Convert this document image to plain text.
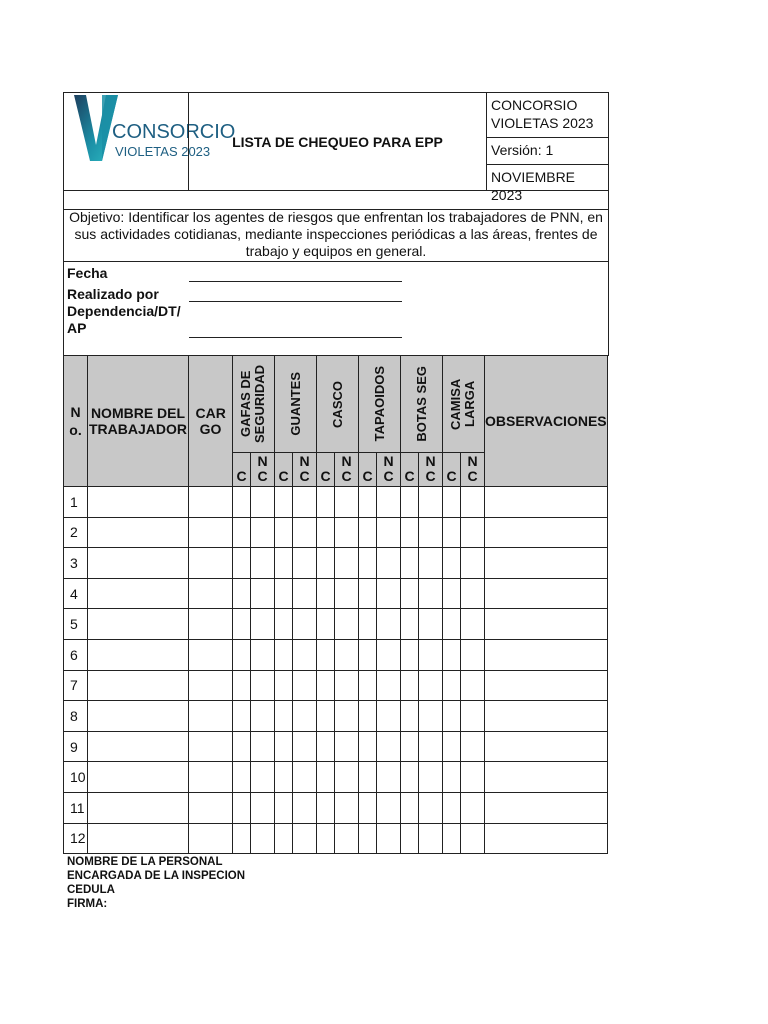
CONSORCIO
VIOLETAS 2023
LISTA DE CHEQUEO PARA EPP
CONCORSIO VIOLETAS 2023
Versión: 1
NOVIEMBRE 2023
Objetivo: Identificar los agentes de riesgos que enfrentan los trabajadores de PNN, en sus actividades cotidianas, mediante inspecciones periódicas a las áreas, frentes de trabajo y equipos en general.
Fecha
Realizado por
Dependencia/DT/
AP
N o.	NOMBRE DEL TRABAJADOR	CAR GO	GAFAS DE SEGURIDAD		GUANTES		CASCO		TAPAOIDOS		BOTAS SEG		CAMISA LARGA		OBSERVACIONES
			C	N C	C	N C	C	N C	C	N C	C	N C	C	N C	

1															
2															
3															
4															
5															
6															
7															
8															
9															
10															
11															
12															
NOMBRE DE LA PERSONAL
ENCARGADA DE LA INSPECION
CEDULA
FIRMA:
